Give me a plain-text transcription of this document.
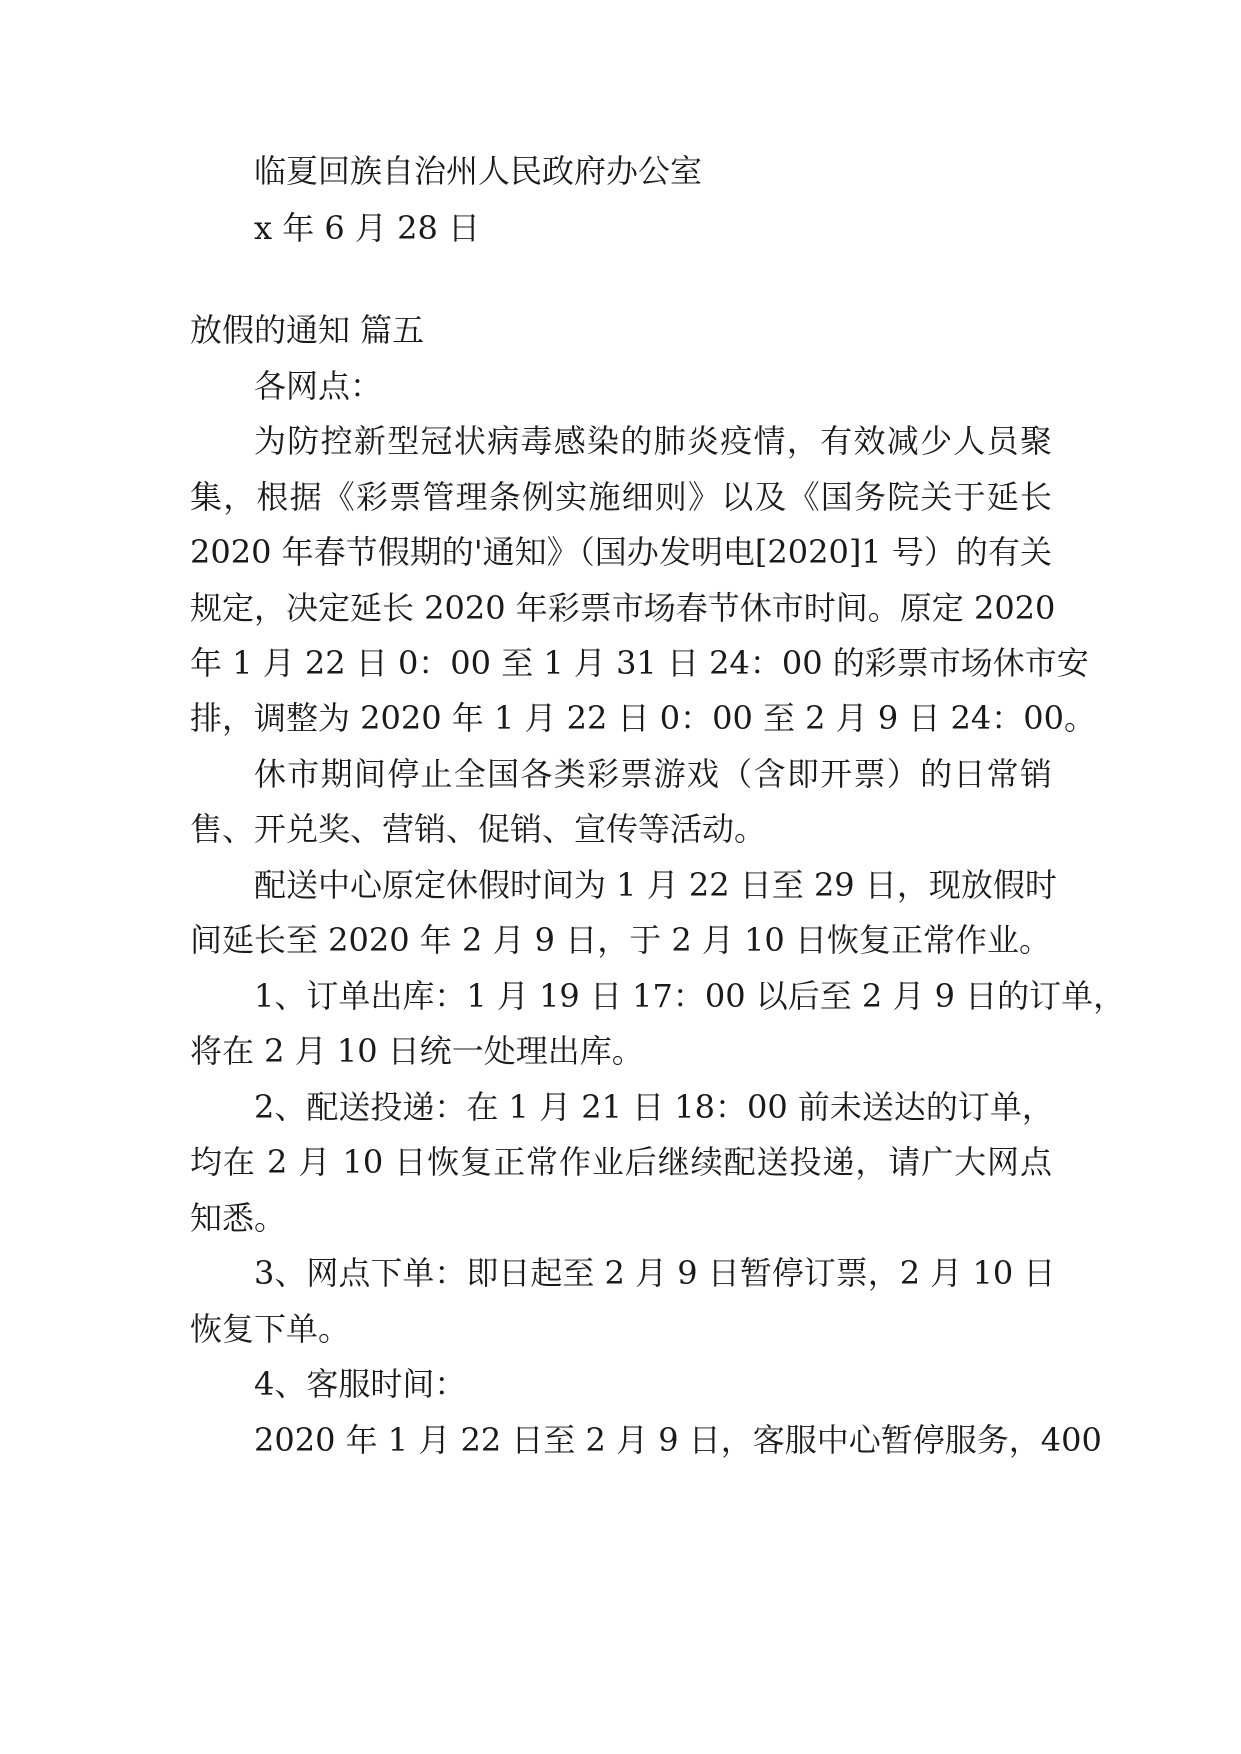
临夏回族自治州人民政府办公室
x 年 6 月 28 日
放假的通知 篇五
各网点：
为防控新型冠状病毒感染的肺炎疫情，有效减少人员聚
集，根据《彩票管理条例实施细则》以及《国务院关于延长
2020 年春节假期的'通知》（国办发明电[2020]1 号）的有关
规定，决定延长 2020 年彩票市场春节休市时间。原定 2020
年 1 月 22 日 0：00 至 1 月 31 日 24：00 的彩票市场休市安
排，调整为 2020 年 1 月 22 日 0：00 至 2 月 9 日 24：00。
休市期间停止全国各类彩票游戏（含即开票）的日常销
售、开兑奖、营销、促销、宣传等活动。
配送中心原定休假时间为 1 月 22 日至 29 日，现放假时
间延长至 2020 年 2 月 9 日，于 2 月 10 日恢复正常作业。
1、订单出库：1 月 19 日 17：00 以后至 2 月 9 日的订单，
将在 2 月 10 日统一处理出库。
2、配送投递：在 1 月 21 日 18：00 前未送达的订单，
均在 2 月 10 日恢复正常作业后继续配送投递，请广大网点
知悉。
3、网点下单：即日起至 2 月 9 日暂停订票，2 月 10 日
恢复下单。
4、客服时间：
2020 年 1 月 22 日至 2 月 9 日，客服中心暂停服务，400
